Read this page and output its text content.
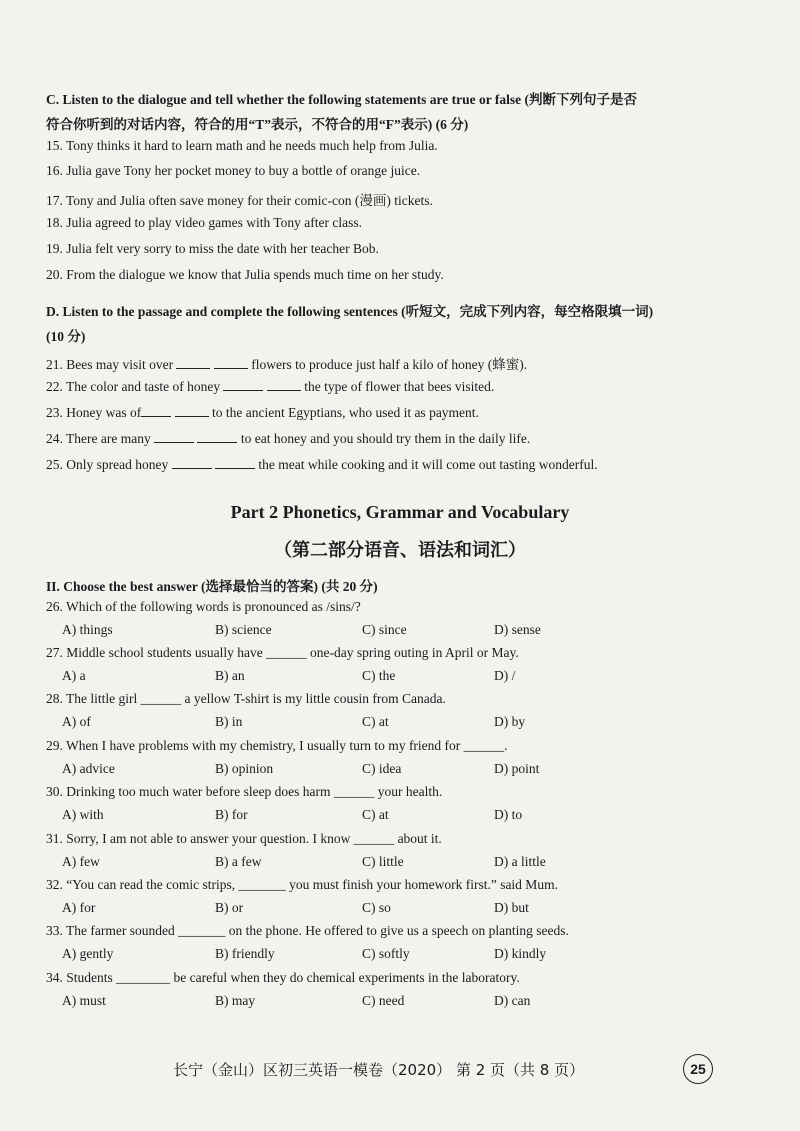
C. Listen to the dialogue and tell whether the following statements are true or false (判断下列句子是否
符合你听到的对话内容，符合的用“T”表示，不符合的用“F”表示) (6 分)
15. Tony thinks it hard to learn math and he needs much help from Julia.
16. Julia gave Tony her pocket money to buy a bottle of orange juice.
17. Tony and Julia often save money for their comic-con (漫画) tickets.
18. Julia agreed to play video games with Tony after class.
19. Julia felt very sorry to miss the date with her teacher Bob.
20. From the dialogue we know that Julia spends much time on her study.
D. Listen to the passage and complete the following sentences (听短文，完成下列内容，每空格限填一词)
(10 分)
21. Bees may visit over	flowers to produce just half a kilo of honey (蜂蜜).
22. The color and taste of honey	the type of flower that bees visited.
23. Honey was of	to the ancient Egyptians, who used it as payment.
24. There are many	to eat honey and you should try them in the daily life.
25. Only spread honey	the meat while cooking and it will come out tasting wonderful.
Part 2 Phonetics, Grammar and Vocabulary
（第二部分语音、语法和词汇）
II. Choose the best answer (选择最恰当的答案) (共 20 分)
26. Which of the following words is pronounced as /sins/?
A) things	B) science	C) since	D) sense
27. Middle school students usually have ______ one-day spring outing in April or May.
A) a	B) an	C) the	D) /
28. The little girl ______ a yellow T-shirt is my little cousin from Canada.
A) of	B) in	C) at	D) by
29. When I have problems with my chemistry, I usually turn to my friend for ______.
A) advice	B) opinion	C) idea	D) point
30. Drinking too much water before sleep does harm ______ your health.
A) with	B) for	C) at	D) to
31. Sorry, I am not able to answer your question. I know ______ about it.
A) few	B) a few	C) little	D) a little
32. “You can read the comic strips, _______ you must finish your homework first.” said Mum.
A) for	B) or	C) so	D) but
33. The farmer sounded _______ on the phone. He offered to give us a speech on planting seeds.
A) gently	B) friendly	C) softly	D) kindly
34. Students ________ be careful when they do chemical experiments in the laboratory.
A) must	B) may	C) need	D) can
长宁（金山）区初三英语一模卷（2020） 第 2 页（共 8 页）	25
